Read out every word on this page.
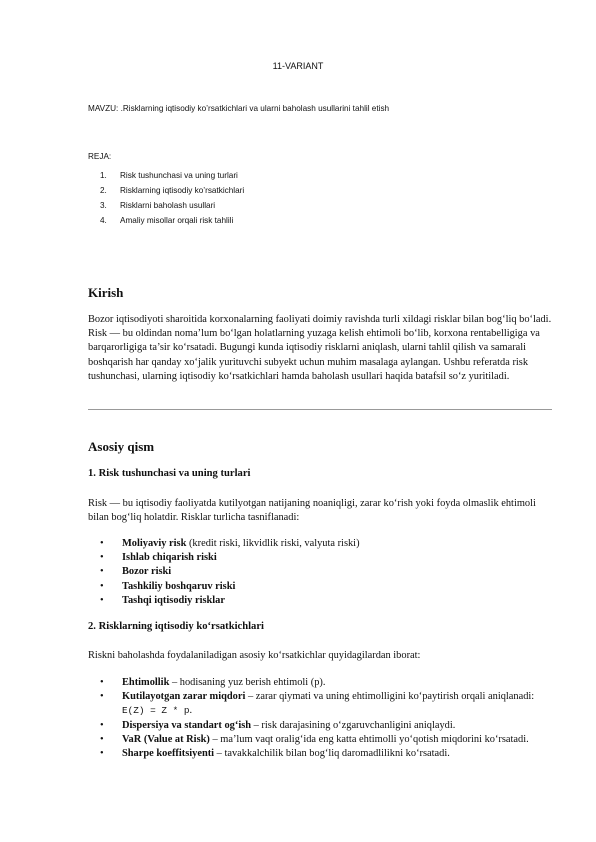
11-VARIANT
MAVZU: .Risklarning iqtisodiy ko’rsatkichlari va ularni baholash usullarini tahlil etish
REJA:
1.	Risk tushunchasi va uning turlari
2.	Risklarning iqtisodiy ko’rsatkichlari
3.	Risklarni baholash usullari
4.	Amaliy misollar orqali risk tahlili
Kirish

Bozor iqtisodiyoti sharoitida korxonalarning faoliyati doimiy ravishda turli xildagi risklar bilan bog‘liq bo‘ladi. Risk — bu oldindan noma’lum bo‘lgan holatlarning yuzaga kelish ehtimoli bo‘lib, korxona rentabelligiga va barqarorligiga ta’sir ko‘rsatadi. Bugungi kunda iqtisodiy risklarni aniqlash, ularni tahlil qilish va samarali boshqarish har qanday xo‘jalik yurituvchi subyekt uchun muhim masalaga aylangan. Ushbu referatda risk tushunchasi, ularning iqtisodiy ko‘rsatkichlari hamda baholash usullari haqida batafsil so‘z yuritiladi.

Asosiy qism
1. Risk tushunchasi va uning turlari

Risk — bu iqtisodiy faoliyatda kutilyotgan natijaning noaniqligi, zarar ko‘rish yoki foyda olmaslik ehtimoli bilan bog‘liq holatdir. Risklar turlicha tasniflanadi:

•	Moliyaviy risk (kredit riski, likvidlik riski, valyuta riski)
•	Ishlab chiqarish riski
•	Bozor riski
•	Tashkiliy boshqaruv riski
•	Tashqi iqtisodiy risklar
2. Risklarning iqtisodiy ko‘rsatkichlari

Riskni baholashda foydalaniladigan asosiy ko‘rsatkichlar quyidagilardan iborat:

•	Ehtimollik – hodisaning yuz berish ehtimoli (p).
•	Kutilayotgan zarar miqdori – zarar qiymati va uning ehtimolligini ko‘paytirish orqali aniqlanadi: E(Z) = Z * p.
•	Dispersiya va standart og‘ish – risk darajasining o‘zgaruvchanligini aniqlaydi.
•	VaR (Value at Risk) – ma’lum vaqt oralig‘ida eng katta ehtimolli yo‘qotish miqdorini ko‘rsatadi.
•	Sharpe koeffitsiyenti – tavakkalchilik bilan bog‘liq daromadlilikni ko‘rsatadi.
